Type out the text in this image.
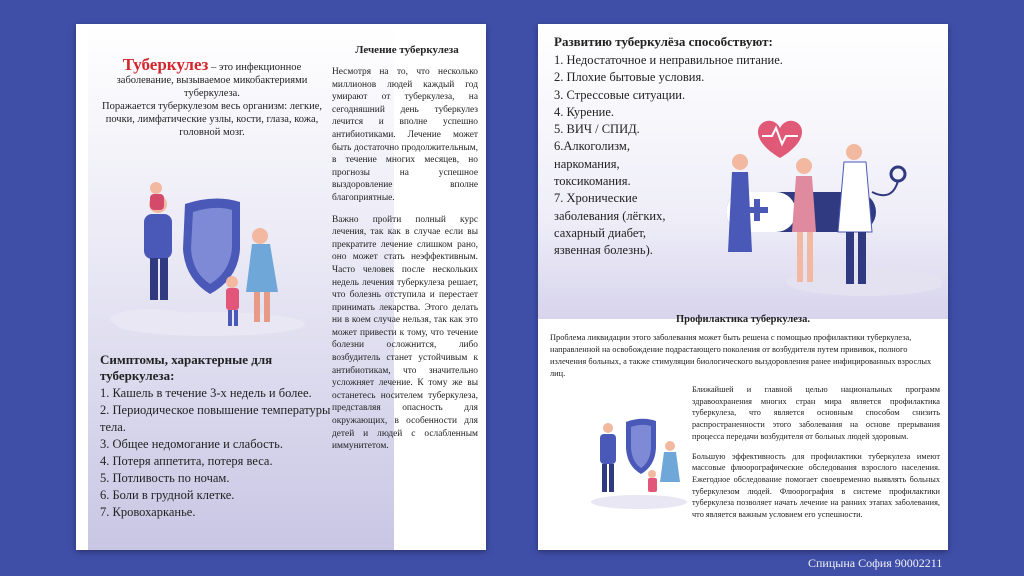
Туберкулез – это инфекционное заболевание, вызываемое микобактериями туберкулеза.
Поражается туберкулезом весь организм: легкие, почки, лимфатические узлы, кости, глаза, кожа, головной мозг.
Симптомы, характерные для туберкулеза:
1. Кашель в течение 3-х недель и более.
2. Периодическое повышение температуры тела.
3. Общее недомогание и слабость.
4. Потеря аппетита, потеря веса.
5. Потливость по ночам.
6. Боли в грудной клетке.
7. Кровохарканье.
Лечение туберкулеза

Несмотря на то, что несколько миллионов людей каждый год умирают от туберкулеза, на сегодняшний день туберкулез лечится и вполне успешно антибиотиками. Лечение может быть достаточно продолжительным, в течение многих месяцев, но прогнозы на успешное выздоровление вполне благоприятные.

Важно пройти полный курс лечения, так как в случае если вы прекратите лечение слишком рано, оно может стать неэффективным. Часто человек после нескольких недель лечения туберкулеза решает, что болезнь отступила и перестает принимать лекарства. Этого делать ни в коем случае нельзя, так как это может привести к тому, что течение болезни осложнится, либо возбудитель станет устойчивым к антибиотикам, что значительно усложняет лечение. К тому же вы останетесь носителем туберкулеза, представляя опасность для окружающих, в особенности для детей и людей с ослабленным иммунитетом.

Развитию туберкулёза способствуют:
1. Недостаточное и неправильное питание.
2. Плохие бытовые условия.
3. Стрессовые ситуации.
4. Курение.
5. ВИЧ / СПИД.
6.Алкоголизм, наркомания, токсикомания.
7. Хронические заболевания (лёгких, сахарный диабет, язвенная болезнь).
Профилактика туберкулеза.
Проблема ликвидации этого заболевания может быть решена с помощью профилактики туберкулеза, направленной на освобождение подрастающего поколения от возбудителя путем прививок, полного излечения больных, а также стимуляции биологического выздоровления ранее инфицированных взрослых лиц.

Ближайшей и главной целью национальных программ здравоохранения многих стран мира является профилактика туберкулеза, что является основным способом снизить распространенности этого заболевания на основе прерывания процесса передачи возбудителя от больных людей здоровым.

Большую эффективность для профилактики туберкулеза имеют массовые флюорографические обследования взрослого населения. Ежегодное обследование помогает своевременно выявлять больных туберкулезом людей. Флюорография в системе профилактики туберкулеза позволяет начать лечение на ранних этапах заболевания, что является важным условием его успешности.

Спицына София 90002211
